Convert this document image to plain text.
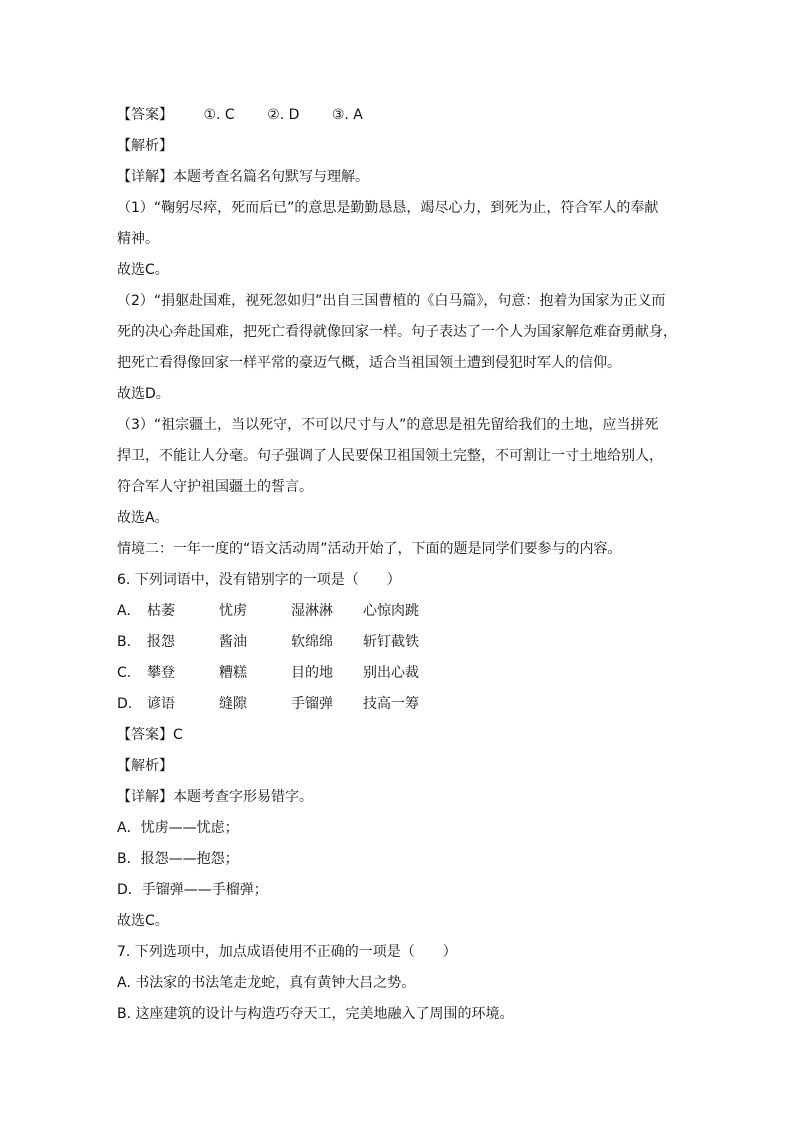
【答案】 ①. C ②. D ③. A
【解析】
【详解】本题考查名篇名句默写与理解。
（1）“鞠躬尽瘁，死而后已”的意思是勤勤恳恳，竭尽心力，到死为止，符合军人的奉献
精神。
故选C。
（2）“捐躯赴国难，视死忽如归”出自三国曹植的《白马篇》，句意：抱着为国家为正义而
死的决心奔赴国难，把死亡看得就像回家一样。句子表达了一个人为国家解危难奋勇献身，
把死亡看得像回家一样平常的豪迈气概，适合当祖国领土遭到侵犯时军人的信仰。
故选D。
（3）“祖宗疆土，当以死守，不可以尺寸与人”的意思是祖先留给我们的土地，应当拼死
捍卫，不能让人分毫。句子强调了人民要保卫祖国领土完整，不可割让一寸土地给别人，
符合军人守护祖国疆土的誓言。
故选A。
情境二：一年一度的“语文活动周”活动开始了，下面的题是同学们要参与的内容。
6. 下列词语中，没有错别字的一项是（　　）
A. 枯萎	忧虏	湿淋淋 心惊肉跳
B. 报怨	酱油	软绵绵 斩钉截铁
C. 攀登	糟糕	目的地 别出心裁
D. 谚语	缝隙	手镏弹 技高一筹
【答案】C
【解析】
【详解】本题考查字形易错字。
A．忧虏——忧虑；
B．报怨——抱怨；
D．手镏弹——手榴弹；
故选C。
7. 下列选项中，加点成语使用不正确的一项是（　　）
A. 书法家的书法笔走龙蛇，真有黄钟大吕之势。
B. 这座建筑的设计与构造巧夺天工，完美地融入了周围的环境。
